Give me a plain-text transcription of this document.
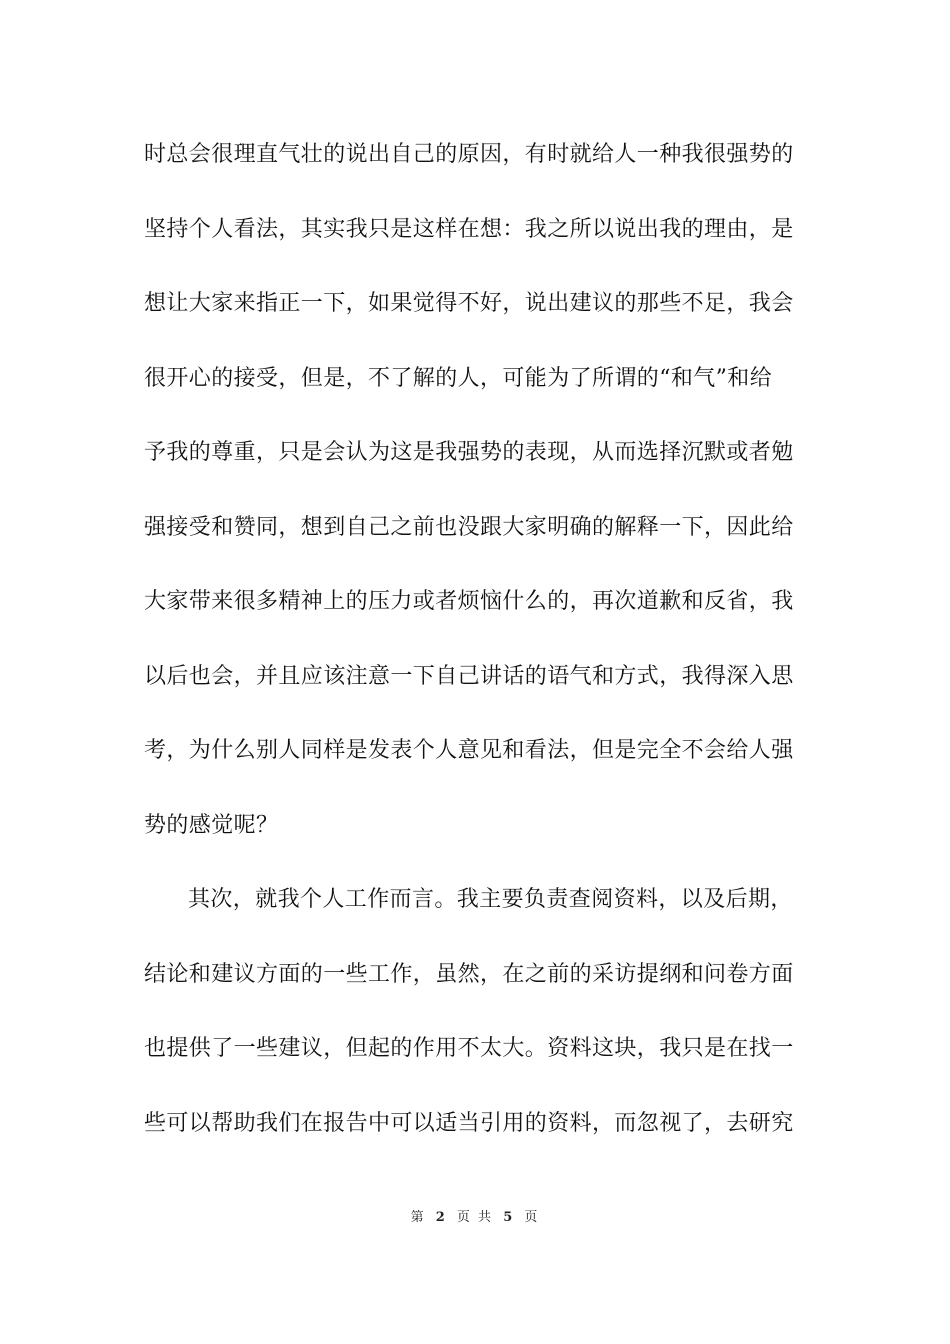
时总会很理直气壮的说出自己的原因，有时就给人一种我很强势的
坚持个人看法，其实我只是这样在想：我之所以说出我的理由，是
想让大家来指正一下，如果觉得不好，说出建议的那些不足，我会
很开心的接受，但是，不了解的人，可能为了所谓的“和气”和给
予我的尊重，只是会认为这是我强势的表现，从而选择沉默或者勉
强接受和赞同，想到自己之前也没跟大家明确的解释一下，因此给
大家带来很多精神上的压力或者烦恼什么的，再次道歉和反省，我
以后也会，并且应该注意一下自己讲话的语气和方式，我得深入思
考，为什么别人同样是发表个人意见和看法，但是完全不会给人强
势的感觉呢？
其次，就我个人工作而言。我主要负责查阅资料，以及后期，
结论和建议方面的一些工作，虽然，在之前的采访提纲和问卷方面
也提供了一些建议，但起的作用不太大。资料这块，我只是在找一
些可以帮助我们在报告中可以适当引用的资料，而忽视了，去研究
第 2 页 共 5 页
